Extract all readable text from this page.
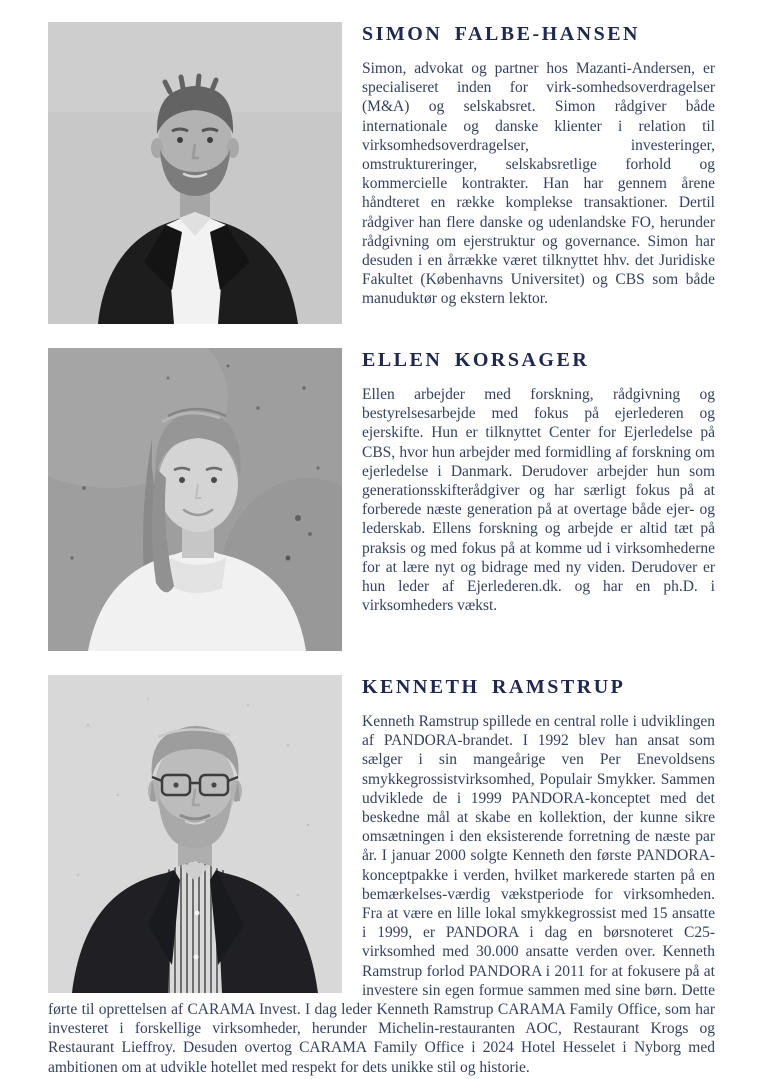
SIMON FALBE-HANSEN

Simon, advokat og partner hos Mazanti-Andersen, er specialiseret inden for virk-somhedsoverdragelser (M&A) og selskabsret. Simon rådgiver både internationale og danske klienter i relation til virksomhedsoverdragelser, investeringer, omstruktureringer, selskabsretlige forhold og kommercielle kontrakter. Han har gennem årene håndteret en række komplekse transaktioner. Dertil rådgiver han flere danske og udenlandske FO, herunder rådgivning om ejerstruktur og governance. Simon har desuden i en årrække været tilknyttet hhv. det Juridiske Fakultet (Københavns Universitet) og CBS som både manuduktør og ekstern lektor.

ELLEN KORSAGER

Ellen arbejder med forskning, rådgivning og bestyrelsesarbejde med fokus på ejerlederen og ejerskifte. Hun er tilknyttet Center for Ejerledelse på CBS, hvor hun arbejder med formidling af forskning om ejerledelse i Danmark. Derudover arbejder hun som generationsskifterådgiver og har særligt fokus på at forberede næste generation på at overtage både ejer- og lederskab. Ellens forskning og arbejde er altid tæt på praksis og med fokus på at komme ud i virksomhederne for at lære nyt og bidrage med ny viden. Derudover er hun leder af Ejerlederen.dk. og har en ph.D. i virksomheders vækst.

KENNETH RAMSTRUP

Kenneth Ramstrup spillede en central rolle i udviklingen af PANDORA-brandet. I 1992 blev han ansat som sælger i sin mangeårige ven Per Enevoldsens smykkegrossistvirksomhed, Populair Smykker. Sammen udviklede de i 1999 PANDORA-konceptet med det beskedne mål at skabe en kollektion, der kunne sikre omsætningen i den eksisterende forretning de næste par år. I januar 2000 solgte Kenneth den første PANDORA-konceptpakke i verden, hvilket markerede starten på en bemærkelses-værdig vækstperiode for virksomheden. Fra at være en lille lokal smykkegrossist med 15 ansatte i 1999, er PANDORA i dag en børsnoteret C25-virksomhed med 30.000 ansatte verden over. Kenneth Ramstrup forlod PANDORA i 2011 for at fokusere på at investere sin egen formue sammen med sine børn. Dette førte til oprettelsen af CARAMA Invest. I dag leder Kenneth Ramstrup CARAMA Family Office, som har investeret i forskellige virksomheder, herunder Michelin-restauranten AOC, Restaurant Krogs og Restaurant Lieffroy. Desuden overtog CARAMA Family Office i 2024 Hotel Hesselet i Nyborg med ambitionen om at udvikle hotellet med respekt for dets unikke stil og historie.
